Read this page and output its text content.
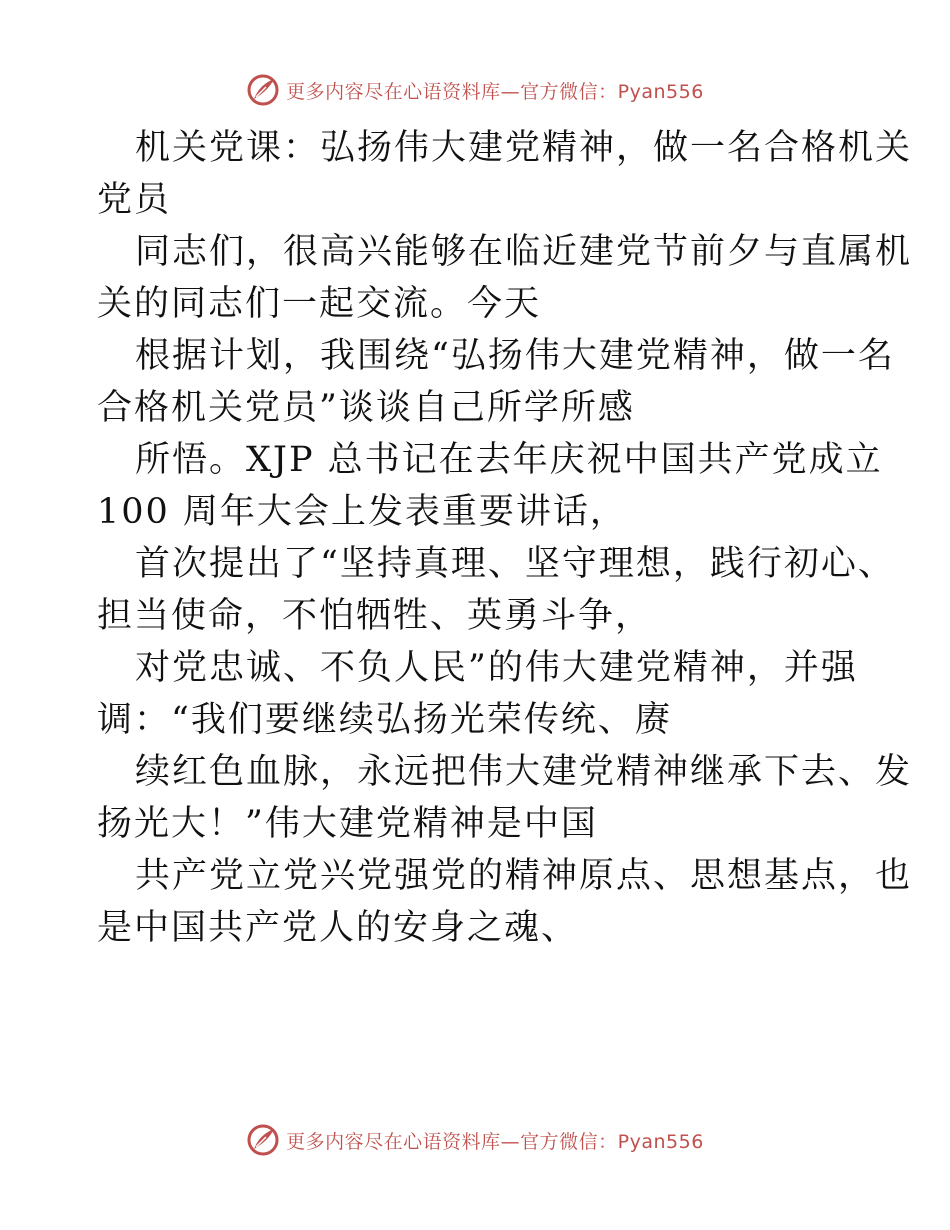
更多内容尽在心语资料库—官方微信：Pyan556
机关党课：弘扬伟大建党精神，做一名合格机关
党员
同志们，很高兴能够在临近建党节前夕与直属机
关的同志们一起交流。今天
根据计划，我围绕“弘扬伟大建党精神，做一名
合格机关党员”谈谈自己所学所感
所悟。XJP 总书记在去年庆祝中国共产党成立
100 周年大会上发表重要讲话，
首次提出了“坚持真理、坚守理想，践行初心、
担当使命，不怕牺牲、英勇斗争，
对党忠诚、不负人民”的伟大建党精神，并强
调：“我们要继续弘扬光荣传统、赓
续红色血脉，永远把伟大建党精神继承下去、发
扬光大！”伟大建党精神是中国
共产党立党兴党强党的精神原点、思想基点，也
是中国共产党人的安身之魂、
更多内容尽在心语资料库—官方微信：Pyan556
